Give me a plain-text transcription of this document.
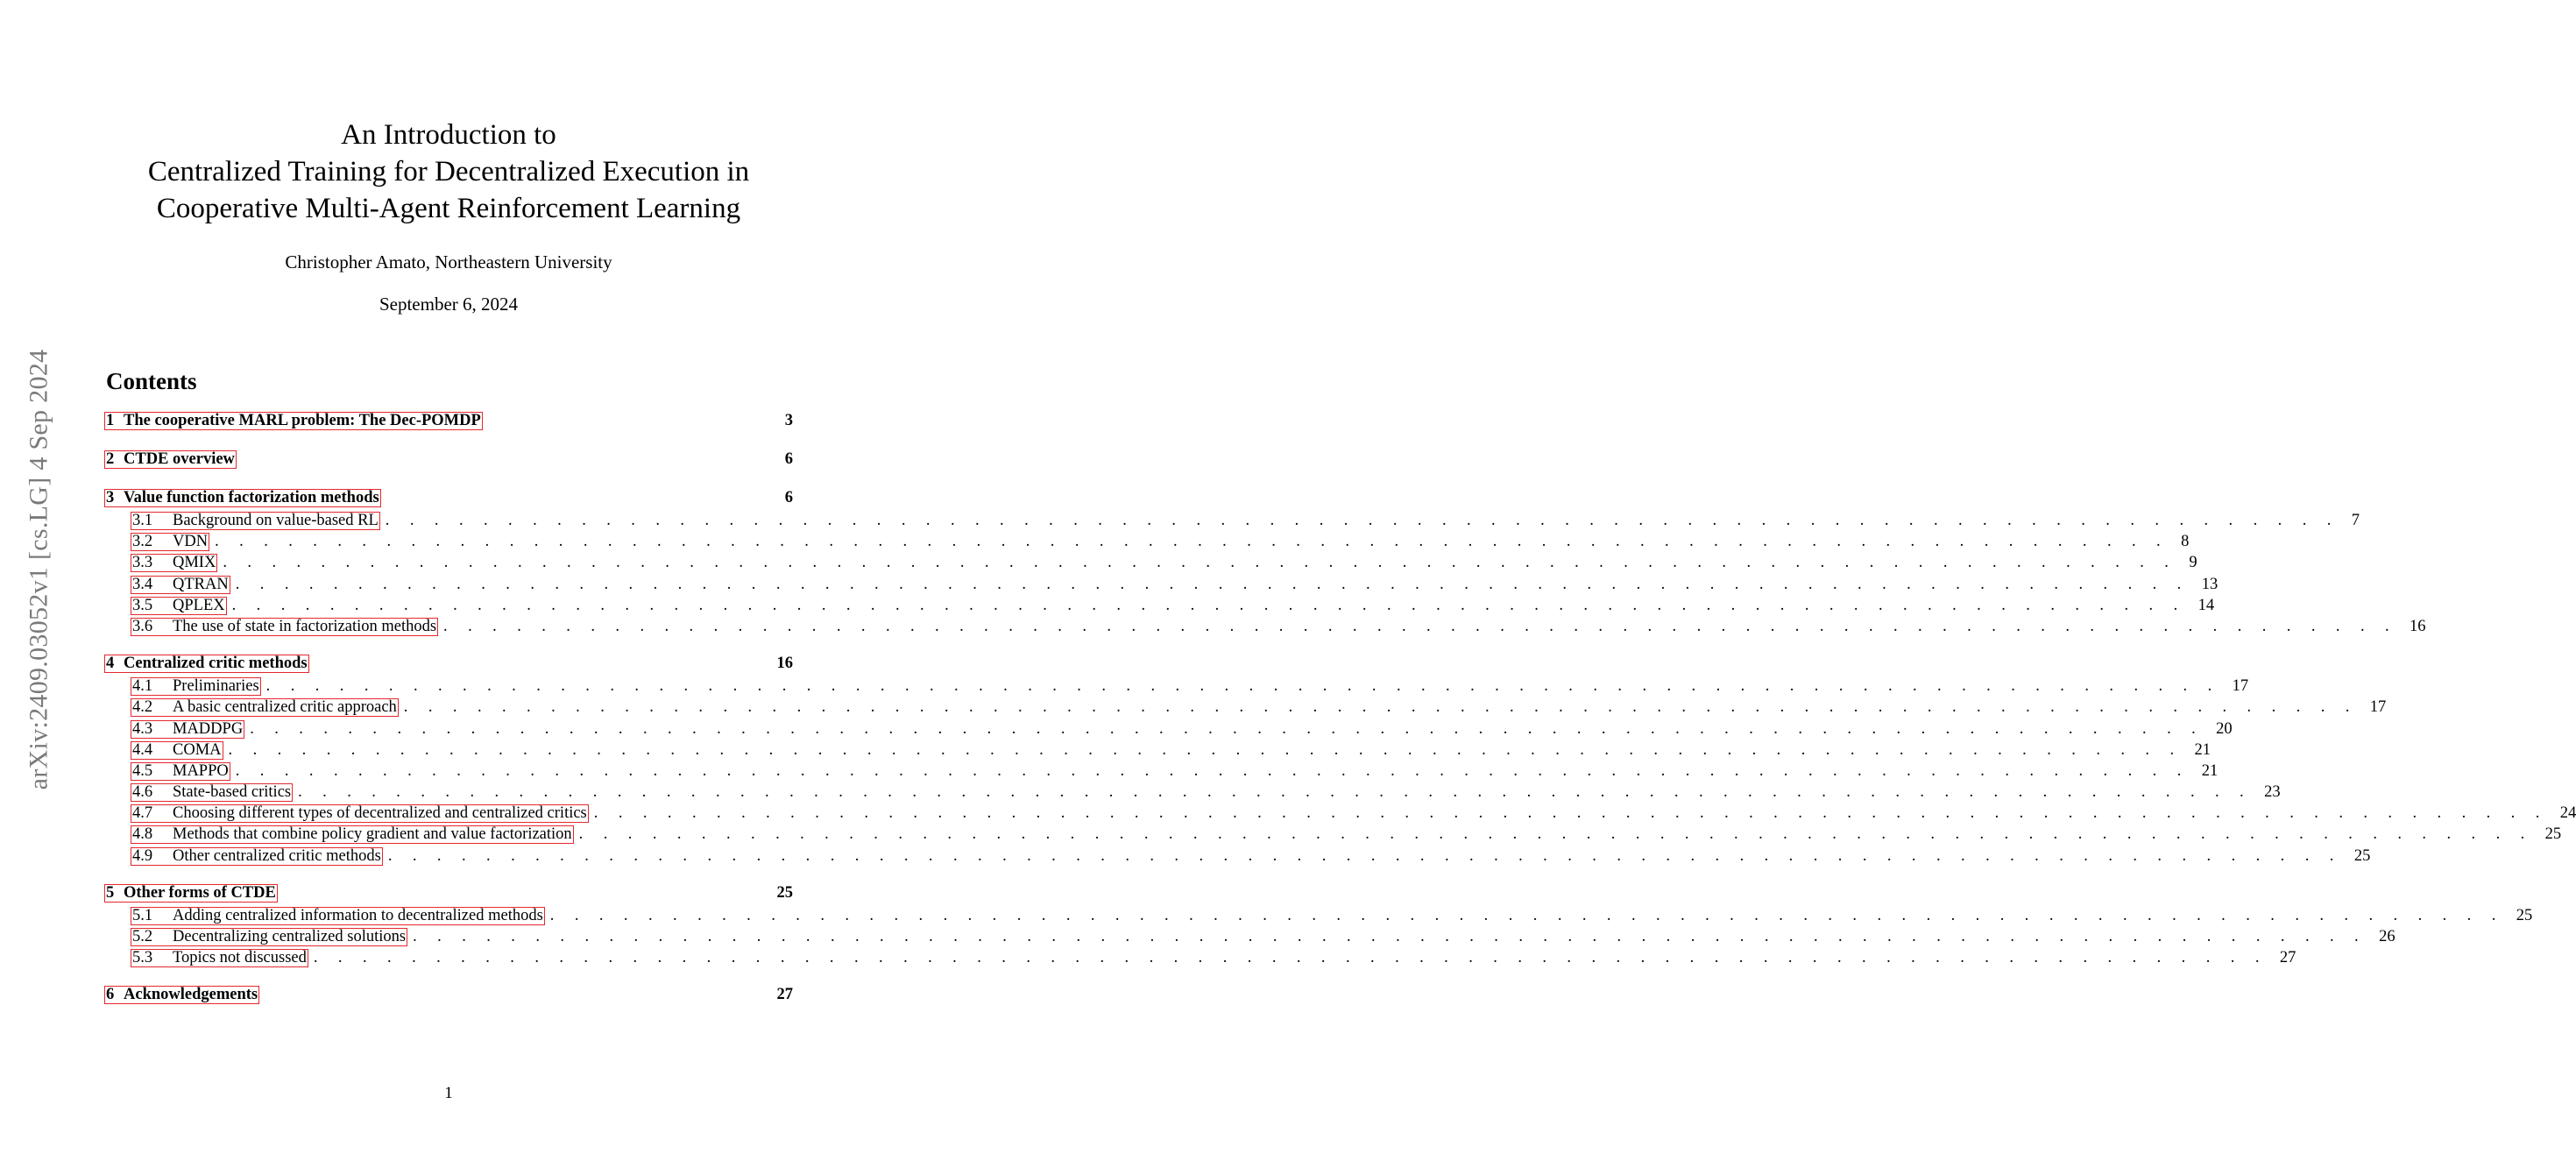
arXiv:2409.03052v1 [cs.LG] 4 Sep 2024
An Introduction to
Centralized Training for Decentralized Execution in
Cooperative Multi-Agent Reinforcement Learning
Christopher Amato, Northeastern University
September 6, 2024
Contents
1 The cooperative MARL problem: The Dec-POMDP	3
2 CTDE overview	6
3 Value function factorization methods	6
3.1 Background on value-based RL . . . . . . . . . . . . . . . . . . . . . . . . . . . . . . . . . . . . . . . . . . . . . . . . . . . . . . . . . . . . . . . . . . . . . . . . . . . . . . . . 7
3.2 VDN . . . . . . . . . . . . . . . . . . . . . . . . . . . . . . . . . . . . . . . . . . . . . . . . . . . . . . . . . . . . . . . . . . . . . . . . . . . . . . . . 8
3.3 QMIX . . . . . . . . . . . . . . . . . . . . . . . . . . . . . . . . . . . . . . . . . . . . . . . . . . . . . . . . . . . . . . . . . . . . . . . . . . . . . . . . 9
3.4 QTRAN . . . . . . . . . . . . . . . . . . . . . . . . . . . . . . . . . . . . . . . . . . . . . . . . . . . . . . . . . . . . . . . . . . . . . . . . . . . . . . . . 13
3.5 QPLEX . . . . . . . . . . . . . . . . . . . . . . . . . . . . . . . . . . . . . . . . . . . . . . . . . . . . . . . . . . . . . . . . . . . . . . . . . . . . . . . . 14
3.6 The use of state in factorization methods . . . . . . . . . . . . . . . . . . . . . . . . . . . . . . . . . . . . . . . . . . . . . . . . . . . . . . . . . . . . . . . . . . . . . . . . . . . . . . . . 16
4 Centralized critic methods	16
4.1 Preliminaries . . . . . . . . . . . . . . . . . . . . . . . . . . . . . . . . . . . . . . . . . . . . . . . . . . . . . . . . . . . . . . . . . . . . . . . . . . . . . . . . 17
4.2 A basic centralized critic approach . . . . . . . . . . . . . . . . . . . . . . . . . . . . . . . . . . . . . . . . . . . . . . . . . . . . . . . . . . . . . . . . . . . . . . . . . . . . . . . . 17
4.3 MADDPG . . . . . . . . . . . . . . . . . . . . . . . . . . . . . . . . . . . . . . . . . . . . . . . . . . . . . . . . . . . . . . . . . . . . . . . . . . . . . . . . 20
4.4 COMA . . . . . . . . . . . . . . . . . . . . . . . . . . . . . . . . . . . . . . . . . . . . . . . . . . . . . . . . . . . . . . . . . . . . . . . . . . . . . . . . 21
4.5 MAPPO . . . . . . . . . . . . . . . . . . . . . . . . . . . . . . . . . . . . . . . . . . . . . . . . . . . . . . . . . . . . . . . . . . . . . . . . . . . . . . . . 21
4.6 State-based critics . . . . . . . . . . . . . . . . . . . . . . . . . . . . . . . . . . . . . . . . . . . . . . . . . . . . . . . . . . . . . . . . . . . . . . . . . . . . . . . . 23
4.7 Choosing different types of decentralized and centralized critics . . . . . . . . . . . . . . . . . . . . . . . . . . . . . . . . . . . . . . . . . . . . . . . . . . . . . . . . . . . . . . . . . . . . . . . . . . . . . . . . 24
4.8 Methods that combine policy gradient and value factorization . . . . . . . . . . . . . . . . . . . . . . . . . . . . . . . . . . . . . . . . . . . . . . . . . . . . . . . . . . . . . . . . . . . . . . . . . . . . . . . . 25
4.9 Other centralized critic methods . . . . . . . . . . . . . . . . . . . . . . . . . . . . . . . . . . . . . . . . . . . . . . . . . . . . . . . . . . . . . . . . . . . . . . . . . . . . . . . . 25
5 Other forms of CTDE	25
5.1 Adding centralized information to decentralized methods . . . . . . . . . . . . . . . . . . . . . . . . . . . . . . . . . . . . . . . . . . . . . . . . . . . . . . . . . . . . . . . . . . . . . . . . . . . . . . . . 25
5.2 Decentralizing centralized solutions . . . . . . . . . . . . . . . . . . . . . . . . . . . . . . . . . . . . . . . . . . . . . . . . . . . . . . . . . . . . . . . . . . . . . . . . . . . . . . . . 26
5.3 Topics not discussed . . . . . . . . . . . . . . . . . . . . . . . . . . . . . . . . . . . . . . . . . . . . . . . . . . . . . . . . . . . . . . . . . . . . . . . . . . . . . . . . 27
6 Acknowledgements	27
1
